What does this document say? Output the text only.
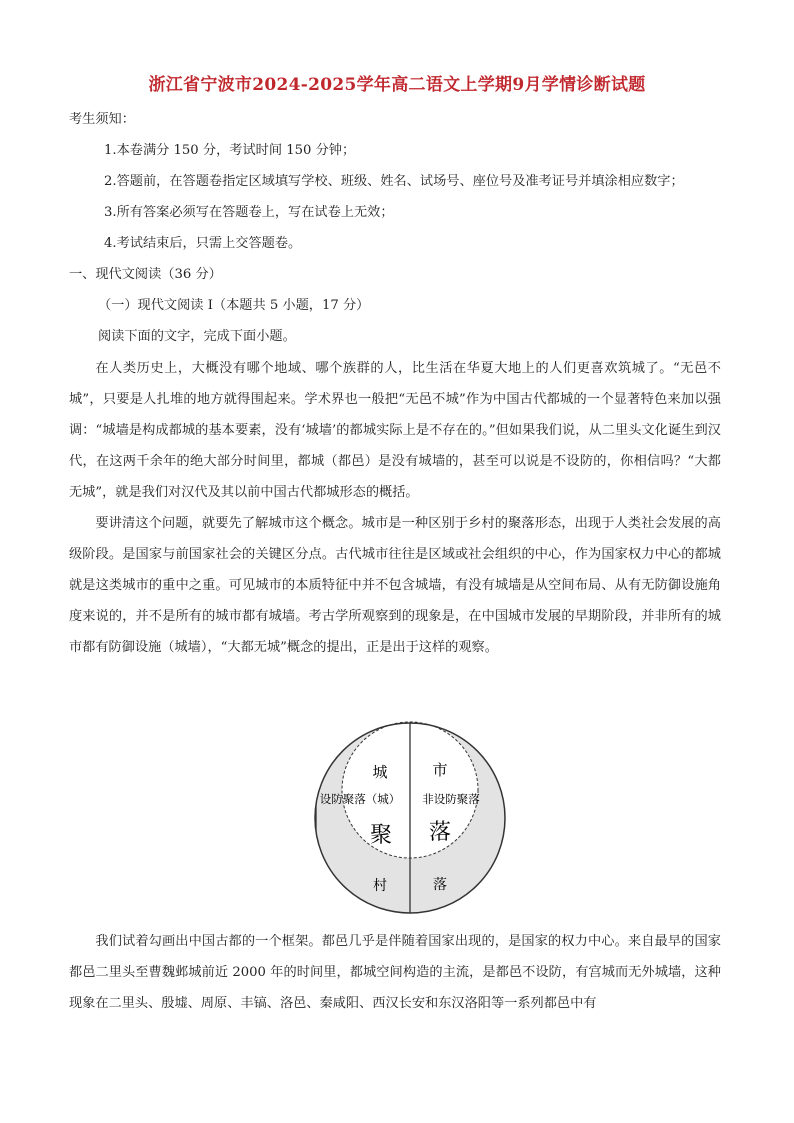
浙江省宁波市2024-2025学年高二语文上学期9月学情诊断试题
考生须知：
1.本卷满分 150 分，考试时间 150 分钟；
2.答题前，在答题卷指定区域填写学校、班级、姓名、试场号、座位号及准考证号并填涂相应数字；
3.所有答案必须写在答题卷上，写在试卷上无效；
4.考试结束后，只需上交答题卷。
一、现代文阅读（36 分）
（一）现代文阅读 I（本题共 5 小题，17 分）
阅读下面的文字，完成下面小题。
在人类历史上，大概没有哪个地域、哪个族群的人，比生活在华夏大地上的人们更喜欢筑城了。“无邑不城”，只要是人扎堆的地方就得围起来。学术界也一般把“无邑不城”作为中国古代都城的一个显著特色来加以强调：“城墙是构成都城的基本要素，没有‘城墙’的都城实际上是不存在的。”但如果我们说，从二里头文化诞生到汉代，在这两千余年的绝大部分时间里，都城（都邑）是没有城墙的，甚至可以说是不设防的，你相信吗？“大都无城”，就是我们对汉代及其以前中国古代都城形态的概括。
要讲清这个问题，就要先了解城市这个概念。城市是一种区别于乡村的聚落形态，出现于人类社会发展的高级阶段。是国家与前国家社会的关键区分点。古代城市往往是区域或社会组织的中心，作为国家权力中心的都城就是这类城市的重中之重。可见城市的本质特征中并不包含城墙，有没有城墙是从空间布局、从有无防御设施角度来说的，并不是所有的城市都有城墙。考古学所观察到的现象是，在中国城市发展的早期阶段，并非所有的城市都有防御设施（城墙），“大都无城”概念的提出，正是出于这样的观察。
城	市
设防聚落（城） 非设防聚落
聚 落
村	落
我们试着勾画出中国古都的一个框架。都邑几乎是伴随着国家出现的，是国家的权力中心。来自最早的国家都邑二里头至曹魏邺城前近 2000 年的时间里，都城空间构造的主流，是都邑不设防，有宫城而无外城墙，这种现象在二里头、殷墟、周原、丰镐、洛邑、秦咸阳、西汉长安和东汉洛阳等一系列都邑中有
